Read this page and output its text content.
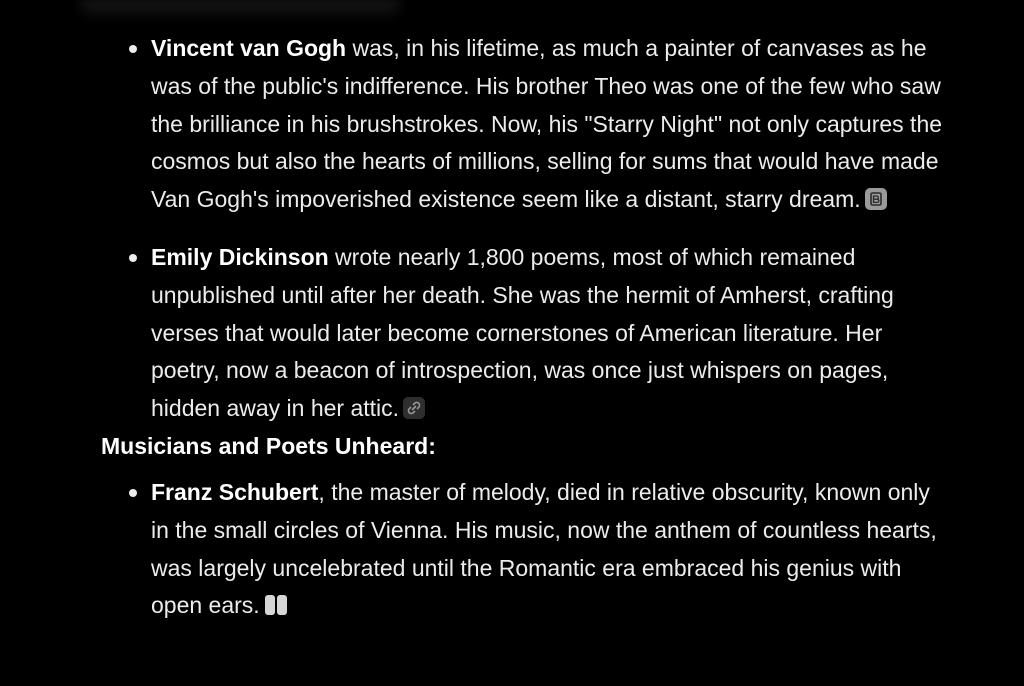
Vincent van Gogh was, in his lifetime, as much a painter of canvases as he was of the public's indifference. His brother Theo was one of the few who saw the brilliance in his brushstrokes. Now, his "Starry Night" not only captures the cosmos but also the hearts of millions, selling for sums that would have made Van Gogh's impoverished existence seem like a distant, starry dream.
Emily Dickinson wrote nearly 1,800 poems, most of which remained unpublished until after her death. She was the hermit of Amherst, crafting verses that would later become cornerstones of American literature. Her poetry, now a beacon of introspection, was once just whispers on pages, hidden away in her attic.
Musicians and Poets Unheard:
Franz Schubert, the master of melody, died in relative obscurity, known only in the small circles of Vienna. His music, now the anthem of countless hearts, was largely uncelebrated until the Romantic era embraced his genius with open ears.
